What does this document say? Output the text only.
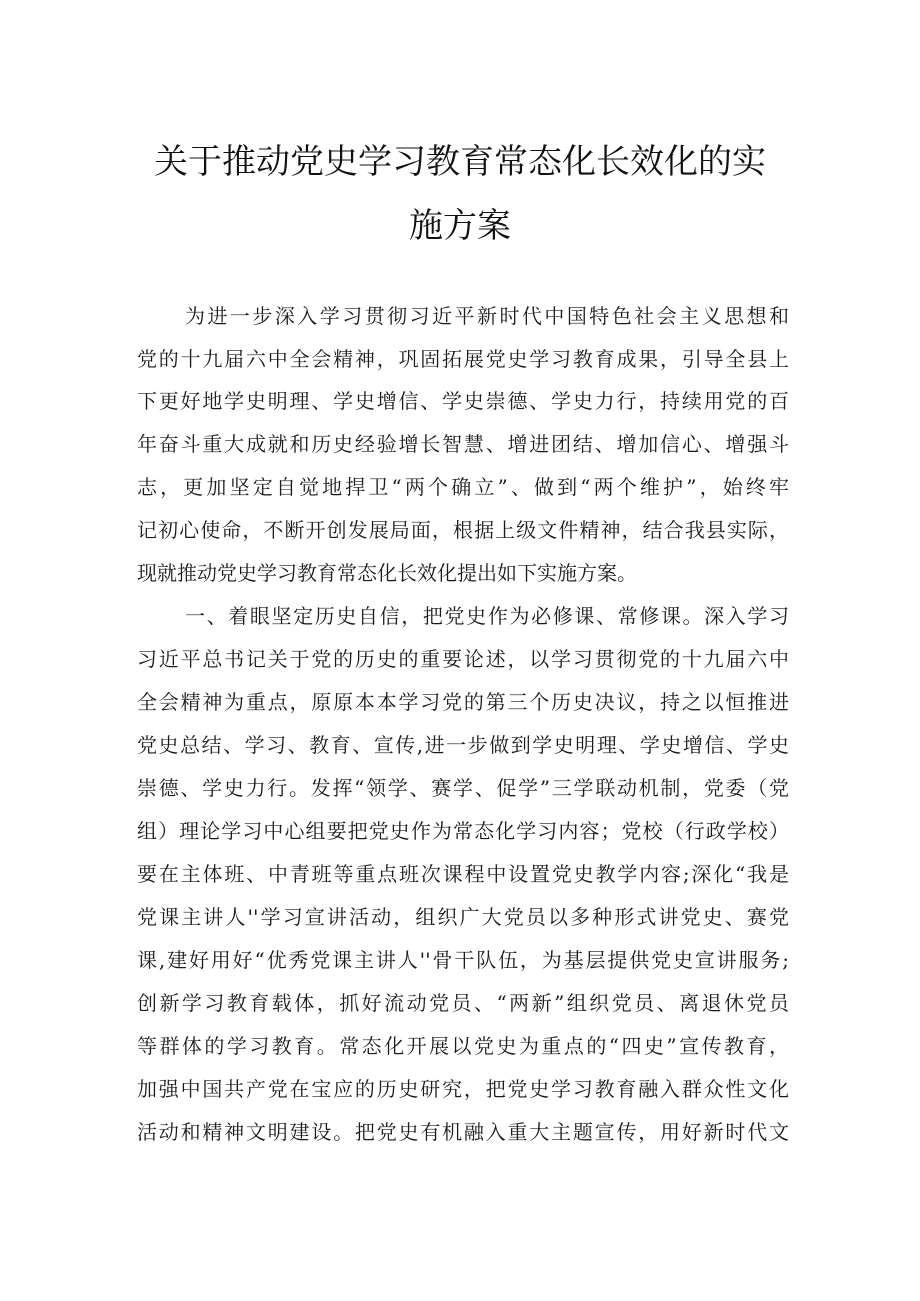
关于推动党史学习教育常态化长效化的实
施方案
为进一步深入学习贯彻习近平新时代中国特色社会主义思想和
党的十九届六中全会精神，巩固拓展党史学习教育成果，引导全县上
下更好地学史明理、学史增信、学史崇德、学史力行，持续用党的百
年奋斗重大成就和历史经验增长智慧、增进团结、增加信心、增强斗
志，更加坚定自觉地捍卫“两个确立”、做到“两个维护”，始终牢
记初心使命，不断开创发展局面，根据上级文件精神，结合我县实际，
现就推动党史学习教育常态化长效化提出如下实施方案。
一、着眼坚定历史自信，把党史作为必修课、常修课。深入学习
习近平总书记关于党的历史的重要论述，以学习贯彻党的十九届六中
全会精神为重点，原原本本学习党的第三个历史决议，持之以恒推进
党史总结、学习、教育、宣传,进一步做到学史明理、学史增信、学史
崇德、学史力行。发挥“领学、赛学、促学”三学联动机制，党委（党
组）理论学习中心组要把党史作为常态化学习内容；党校（行政学校）
要在主体班、中青班等重点班次课程中设置党史教学内容;深化“我是
党课主讲人''学习宣讲活动，组织广大党员以多种形式讲党史、赛党
课,建好用好“优秀党课主讲人''骨干队伍，为基层提供党史宣讲服务;
创新学习教育载体，抓好流动党员、“两新”组织党员、离退休党员
等群体的学习教育。常态化开展以党史为重点的“四史”宣传教育，
加强中国共产党在宝应的历史研究，把党史学习教育融入群众性文化
活动和精神文明建设。把党史有机融入重大主题宣传，用好新时代文
